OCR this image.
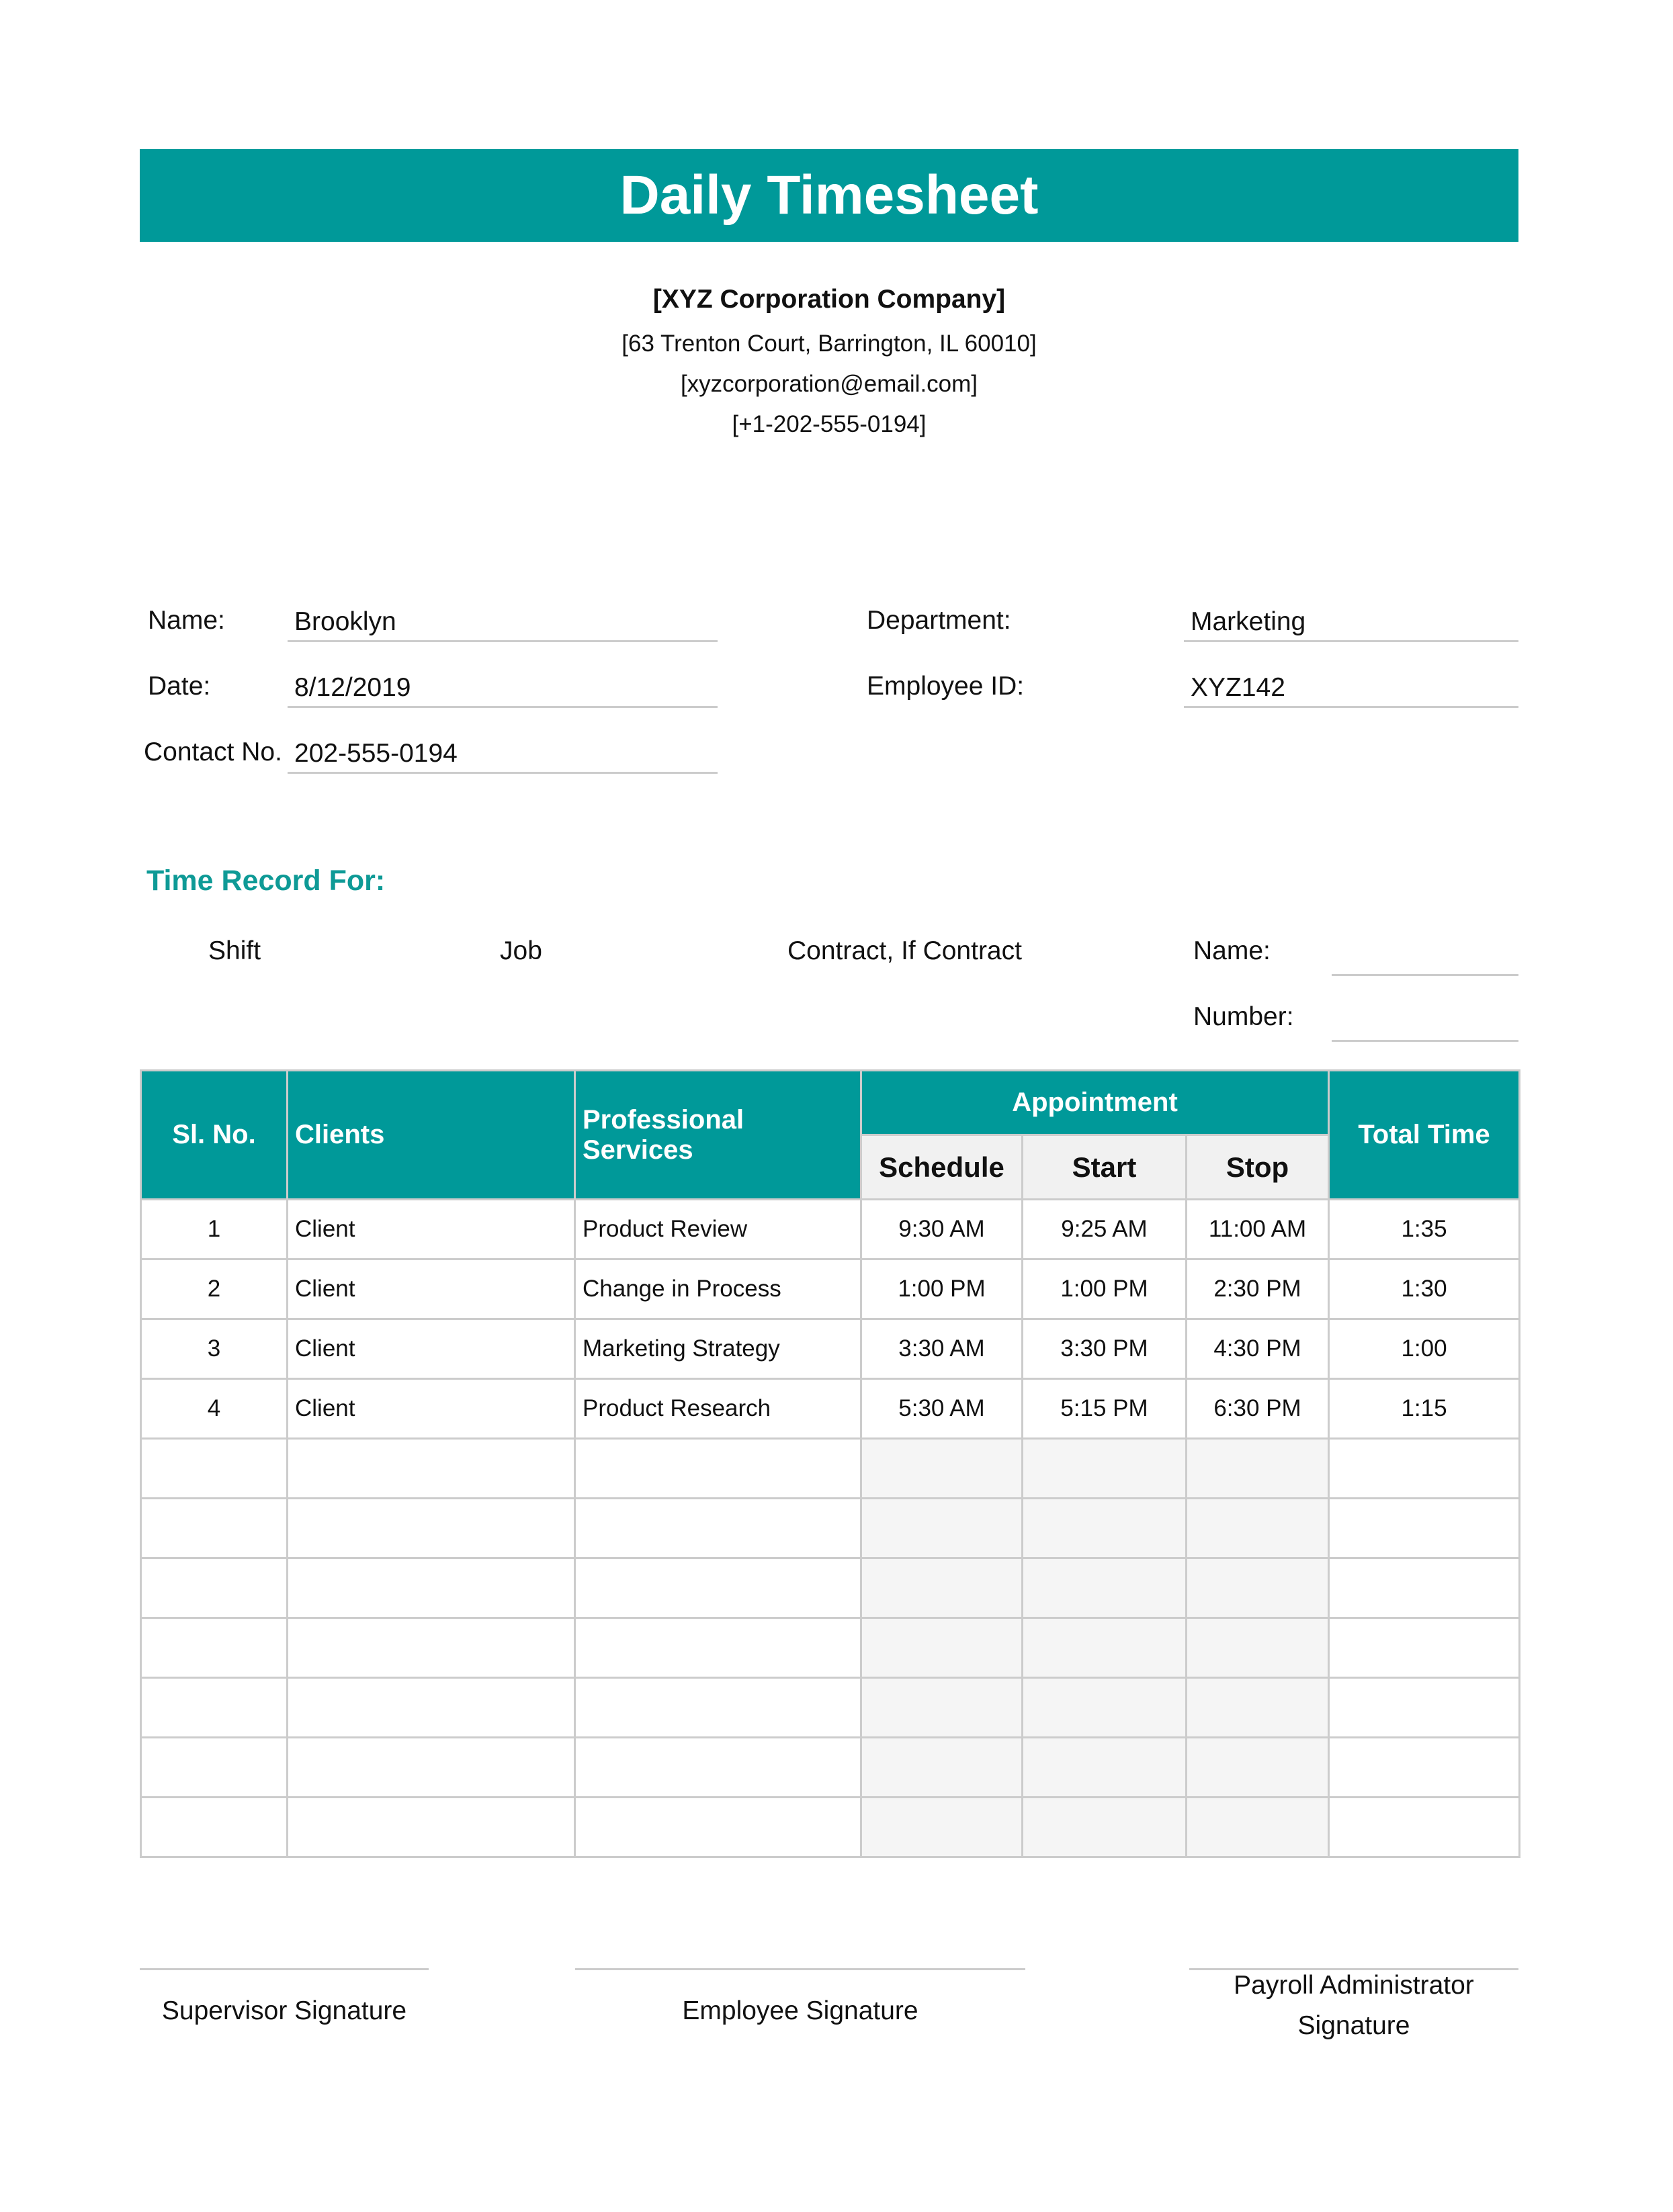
Daily Timesheet
[XYZ Corporation Company]
[63 Trenton Court, Barrington, IL 60010]
[xyzcorporation@email.com]
[+1-202-555-0194]
Name:	Brooklyn
Date:	8/12/2019
Contact No. 202-555-0194
Department:	Marketing
Employee ID:	XYZ142
Time Record For:
Shift	Job	Contract, If Contract	Name:
Number:
Sl. No.	Clients	Professional Services	Appointment			Total Time
			Schedule	Start	Stop	
1	Client	Product Review	9:30 AM	9:25 AM	11:00 AM	1:35
2	Client	Change in Process	1:00 PM	1:00 PM	2:30 PM	1:30
3	Client	Marketing Strategy	3:30 AM	3:30 PM	4:30 PM	1:00
4	Client	Product Research	5:30 AM	5:15 PM	6:30 PM	1:15

Supervisor Signature	Employee Signature
Payroll Administrator
Signature
